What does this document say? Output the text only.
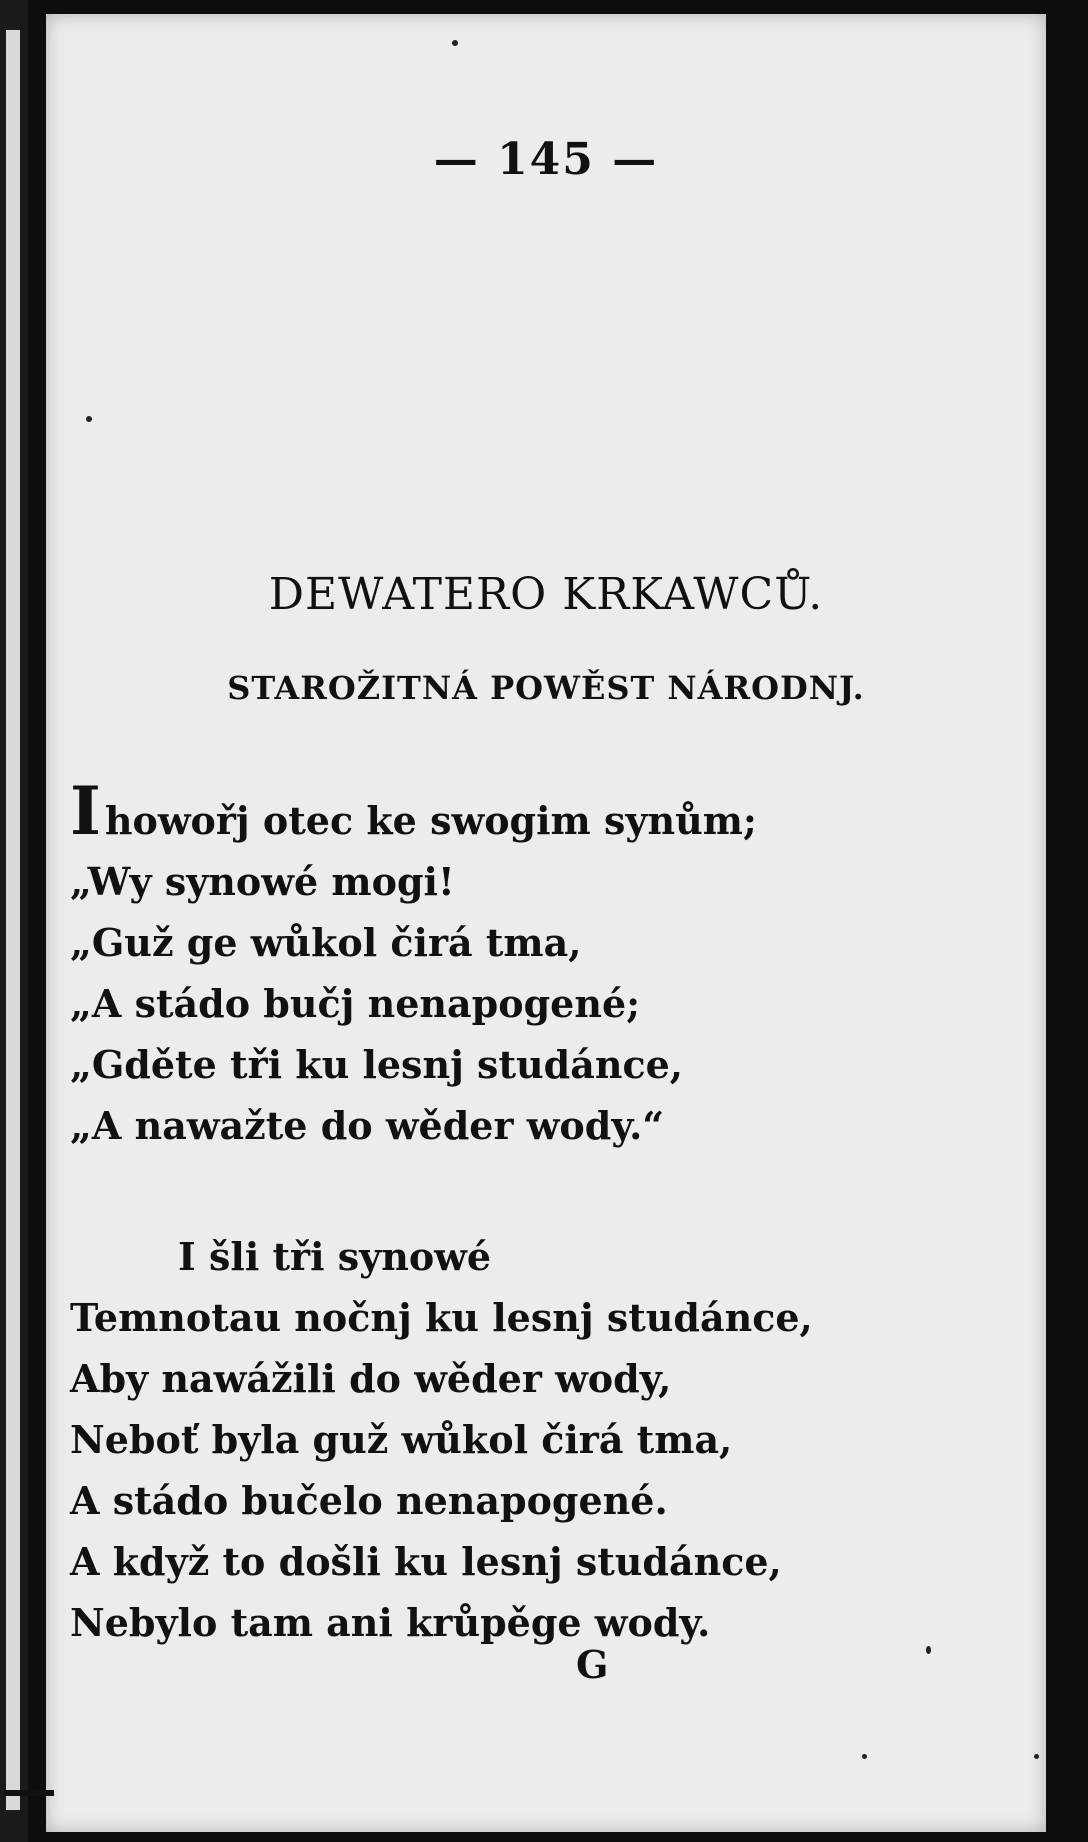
— 145 —
DEWATERO KRKAWCŮ.
STAROŽITNÁ POWĚST NÁRODNJ.
Ihowořj otec ke swogim synům;
„Wy synowé mogi!
„Guž ge wůkol čirá tma,
„A stádo bučj nenapogené;
„Gděte tři ku lesnj studánce,
„A nawažte do wěder wody.“
I šli tři synowé
Temnotau nočnj ku lesnj studánce,
Aby nawážili do wěder wody,
Neboť byla guž wůkol čirá tma,
A stádo bučelo nenapogené.
A když to došli ku lesnj studánce,
Nebylo tam ani krůpěge wody.
G
